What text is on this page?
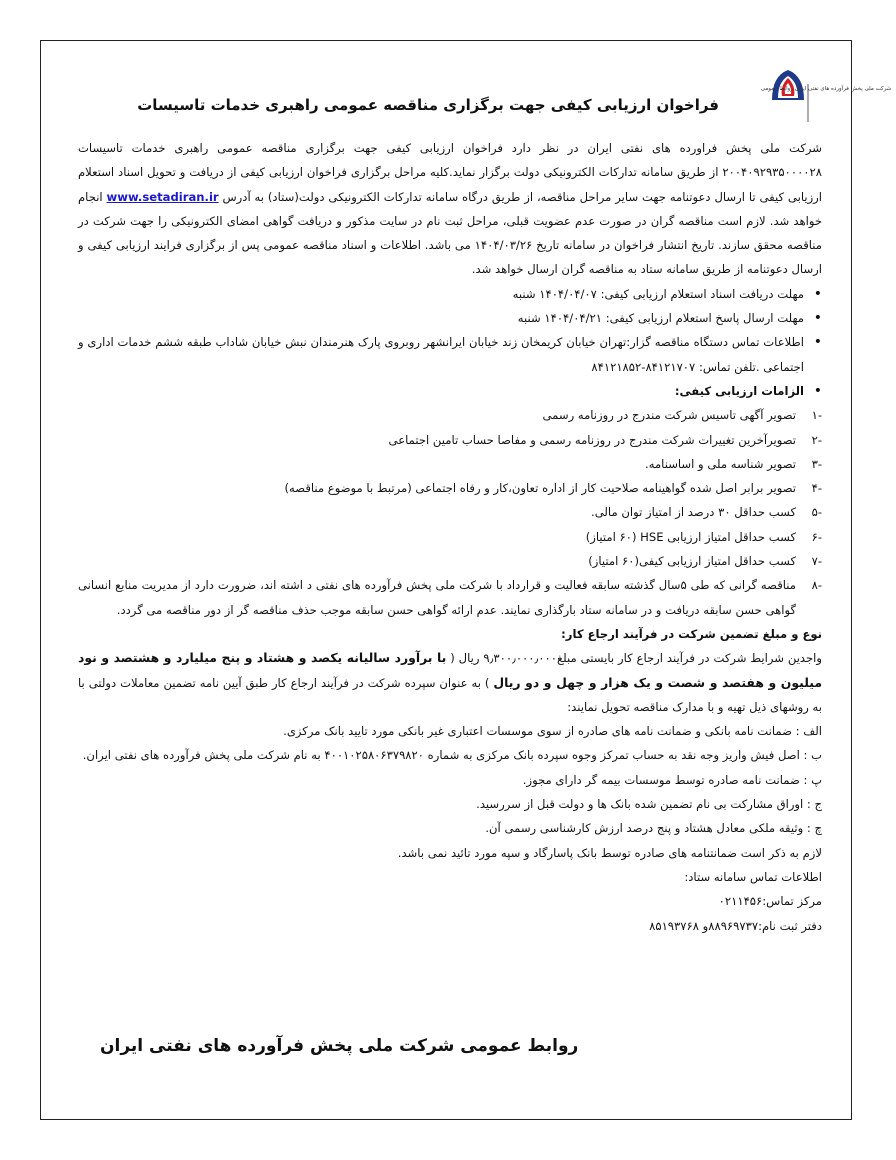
شرکت ملی پخش فرآورده های نفتی ایران روابط عمومی
فراخوان ارزیابی کیفی جهت برگزاری مناقصه عمومی راهبری خدمات تاسیسات

شرکت ملی پخش فراورده های نفتی ایران در نظر دارد فراخوان ارزیابی کیفی جهت برگزاری مناقصه عمومی راهبری خدمات تاسیسات ۲۰۰۴۰۹۲۹۳۵۰۰۰۰۲۸ از طریق سامانه تدارکات الکترونیکی دولت برگزار نماید.کلیه مراحل برگزاری فراخوان ارزیابی کیفی از دریافت و تحویل اسناد استعلام ارزیابی کیفی تا ارسال دعوتنامه جهت سایر مراحل مناقصه، از طریق درگاه سامانه تدارکات الکترونیکی دولت(ستاد) به آدرس www.setadiran.ir انجام خواهد شد. لازم است مناقصه گران در صورت عدم عضویت قبلی، مراحل ثبت نام در سایت مذکور و دریافت گواهی امضای الکترونیکی را جهت شرکت در مناقصه محقق سازند. تاریخ انتشار فراخوان در سامانه تاریخ ۱۴۰۴/۰۳/۲۶ می باشد. اطلاعات و اسناد مناقصه عمومی پس از برگزاری فرایند ارزیابی کیفی و ارسال دعوتنامه از طریق سامانه ستاد به مناقصه گران ارسال خواهد شد.

• مهلت دریافت اسناد استعلام ارزیابی کیفی: ۱۴۰۴/۰۴/۰۷ شنبه
• مهلت ارسال پاسخ استعلام ارزیابی کیفی: ۱۴۰۴/۰۴/۲۱ شنبه
• اطلاعات تماس دستگاه مناقصه گزار:تهران خیابان کریمخان زند خیابان ایرانشهر روبروی پارک هنرمندان نبش خیابان شاداب طبقه ششم خدمات اداری و اجتماعی .تلفن تماس: ۸۴۱۲۱۷۰۷-۸۴۱۲۱۸۵۲
• الزامات ارزیابی کیفی:
-۱
تصویر آگهی تاسیس شرکت مندرج در روزنامه رسمی
-۲
تصویرآخرین تغییرات شرکت مندرج در روزنامه رسمی و مفاصا حساب تامین اجتماعی
-۳
تصویر شناسه ملی و اساسنامه.
-۴
تصویر برابر اصل شده گواهینامه صلاحیت کار از اداره تعاون،کار و رفاه اجتماعی (مرتبط با موضوع مناقصه)
-۵
کسب حداقل ۳۰ درصد از امتیاز توان مالی.
-۶
کسب حداقل امتیاز ارزیابی HSE (۶۰ امتیاز)
-۷
کسب حداقل امتیاز ارزیابی کیفی(۶۰ امتیاز)
-۸
مناقصه گرانی که طی ۵سال گذشته سابقه فعالیت و قرارداد با شرکت ملی پخش فرآورده های نفتی د اشته اند، ضرورت دارد از مدیریت منابع انسانی گواهی حسن سابقه دریافت و در سامانه ستاد بارگذاری نمایند. عدم ارائه گواهی حسن سابقه موجب حذف مناقصه گر از دور مناقصه می گردد.

نوع و مبلغ تضمین شرکت در فرآیند ارجاع کار:

واجدین شرایط شرکت در فرآیند ارجاع کار بایستی مبلغ۹٫۳۰۰٫۰۰۰٫۰۰۰ ریال ( با برآورد سالیانه یکصد و هشتاد و پنج میلیارد و هشتصد و نود میلیون و هفتصد و شصت و یک هزار و چهل و دو ریال ) به عنوان سپرده شرکت در فرآیند ارجاع کار طبق آیین نامه تضمین معاملات دولتی با به روشهای ذیل تهیه و با مدارک مناقصه تحویل نمایند:

الف : ضمانت نامه بانکی و ضمانت نامه های صادره از سوی موسسات اعتباری غیر بانکی مورد تایید بانک مرکزی.

ب : اصل فیش واریز وجه نقد به حساب تمرکز وجوه سپرده بانک مرکزی به شماره ۴۰۰۱۰۲۵۸۰۶۳۷۹۸۲۰ به نام شرکت ملی پخش فرآورده های نفتی ایران.

پ : ضمانت نامه صادره توسط موسسات بیمه گر دارای مجوز.

ج : اوراق مشارکت بی نام تضمین شده بانک ها و دولت قبل از سررسید.

چ : وثیقه ملکی معادل هشتاد و پنج درصد ارزش کارشناسی رسمی آن.

لازم به ذکر است ضمانتنامه های صادره توسط بانک پاسارگاد و سپه مورد تائید نمی باشد.

اطلاعات تماس سامانه ستاد:

مرکز تماس:۰۲۱۱۴۵۶

دفتر ثبت نام:۸۸۹۶۹۷۳۷و ۸۵۱۹۳۷۶۸

روابط عمومی شرکت ملی پخش فرآورده های نفتی ایران
